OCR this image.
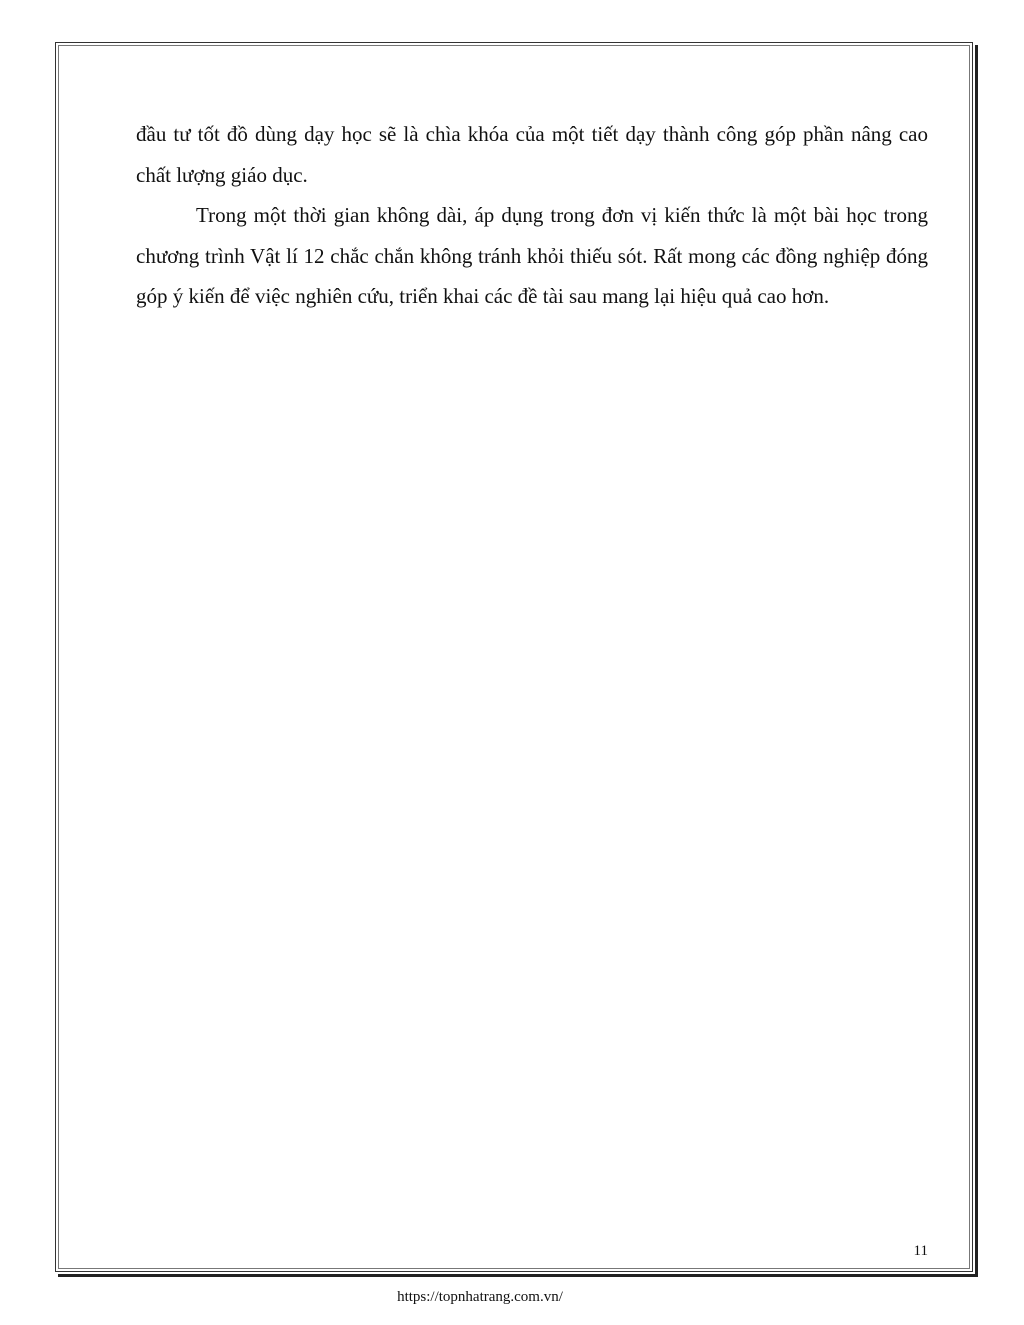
đầu tư tốt đồ dùng dạy học sẽ là chìa khóa của một tiết dạy thành công góp phần nâng cao chất lượng giáo dục.

Trong một thời gian không dài, áp dụng trong đơn vị kiến thức là một bài học trong chương trình Vật lí 12 chắc chắn không tránh khỏi thiếu sót. Rất mong các đồng nghiệp đóng góp ý kiến để việc nghiên cứu, triển khai các đề tài sau mang lại hiệu quả cao hơn.

11
https://topnhatrang.com.vn/
